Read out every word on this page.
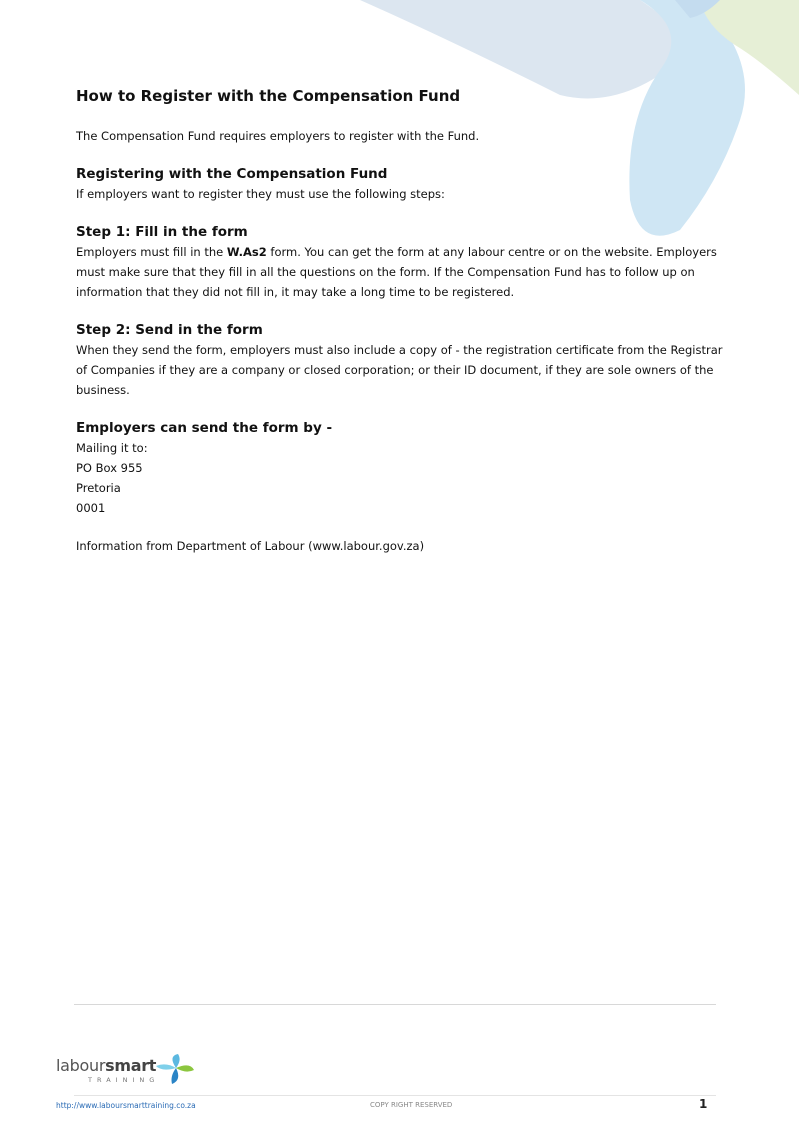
How to Register with the Compensation Fund

The Compensation Fund requires employers to register with the Fund.

Registering with the Compensation Fund

If employers want to register they must use the following steps:

Step 1: Fill in the form

Employers must fill in the W.As2 form. You can get the form at any labour centre or on the website. Employers must make sure that they fill in all the questions on the form. If the Compensation Fund has to follow up on information that they did not fill in, it may take a long time to be registered.

Step 2: Send in the form

When they send the form, employers must also include a copy of - the registration certificate from the Registrar of Companies if they are a company or closed corporation; or their ID document, if they are sole owners of the business.

Employers can send the form by -

Mailing it to:

PO Box 955

Pretoria

0001

Information from Department of Labour (www.labour.gov.za)

laboursmart
TRAINING
http://www.laboursmarttraining.co.za	COPY RIGHT RESERVED	1
